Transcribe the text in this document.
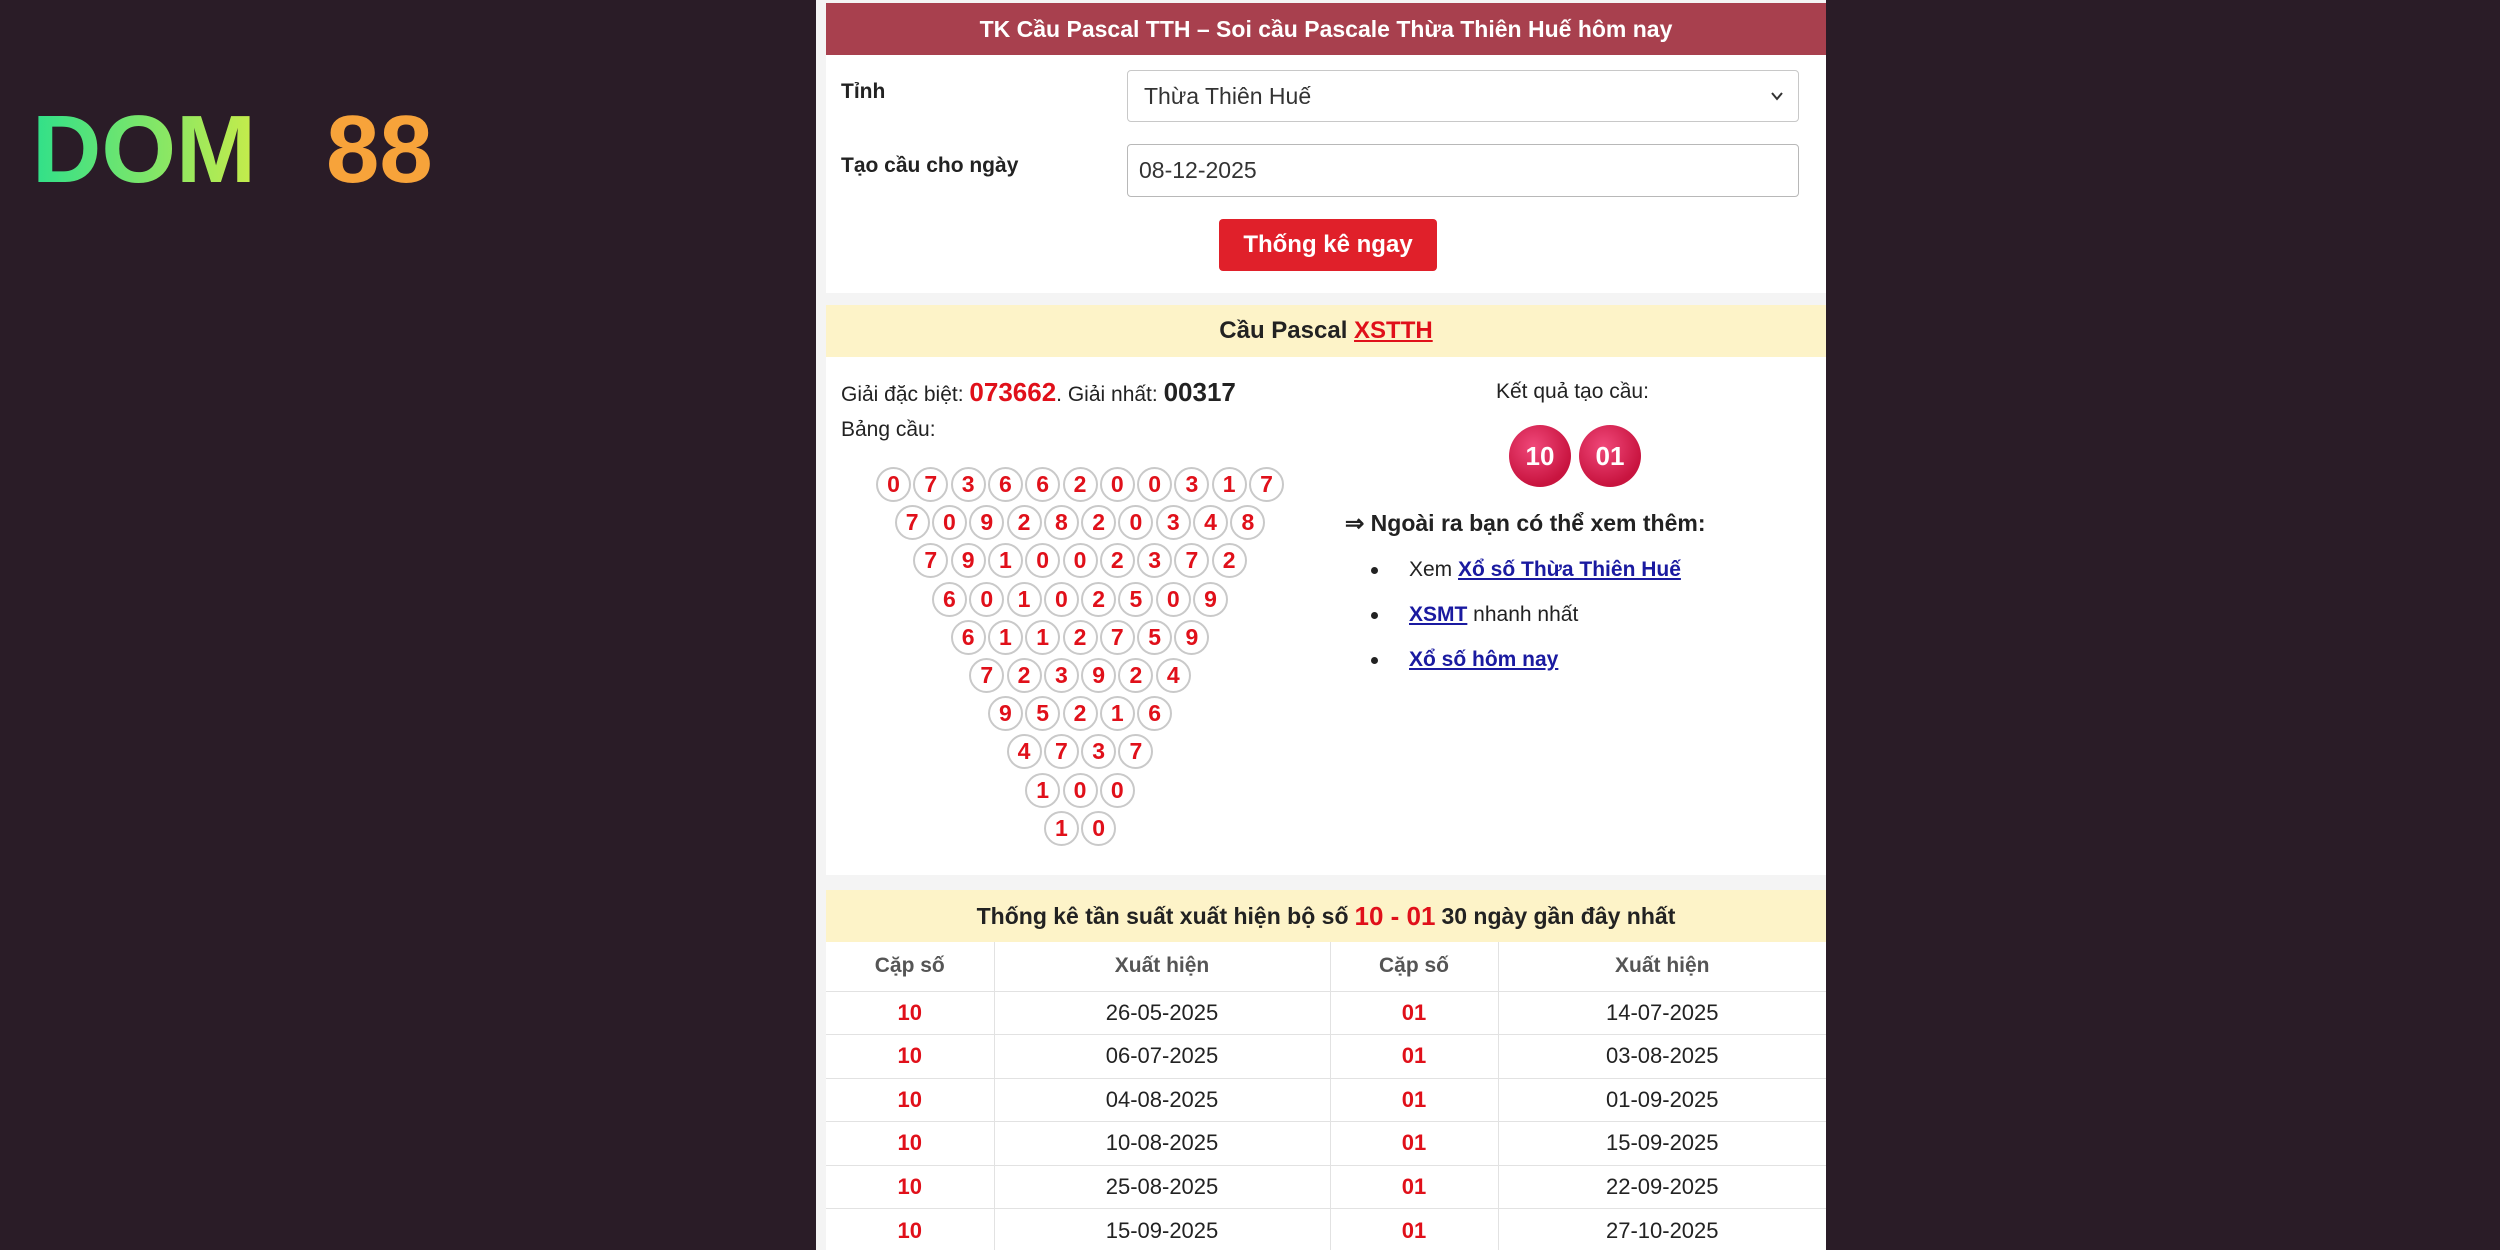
DOM 88
TK Cầu Pascal TTH – Soi cầu Pascale Thừa Thiên Huế hôm nay
Tỉnh	Thừa Thiên Huế
Tạo cầu cho ngày	08-12-2025
Thống kê ngay
Cầu Pascal XSTTH
Giải đặc biệt: 073662. Giải nhất: 00317
Bảng cầu:
0	7	3	6	6	2	0	0	3	1	7
7	0	9	2	8	2	0	3	4	8
7	9	1	0	0	2	3	7	2
6	0	1	0	2	5	0	9
6	1	1	2	7	5	9
7	2	3	9	2	4
9	5	2	1	6
4	7	3	7
1	0	0
1	0
Kết quả tạo cầu:
10	01
⇒ Ngoài ra bạn có thể xem thêm:
Xem Xổ số Thừa Thiên Huế
XSMT nhanh nhất
Xổ số hôm nay
Thống kê tần suất xuất hiện bộ số 10 - 01 30 ngày gần đây nhất
Cặp số	Xuất hiện	Cặp số	Xuất hiện
10	26-05-2025	01	14-07-2025
10	06-07-2025	01	03-08-2025
10	04-08-2025	01	01-09-2025
10	10-08-2025	01	15-09-2025
10	25-08-2025	01	22-09-2025
10	15-09-2025	01	27-10-2025
